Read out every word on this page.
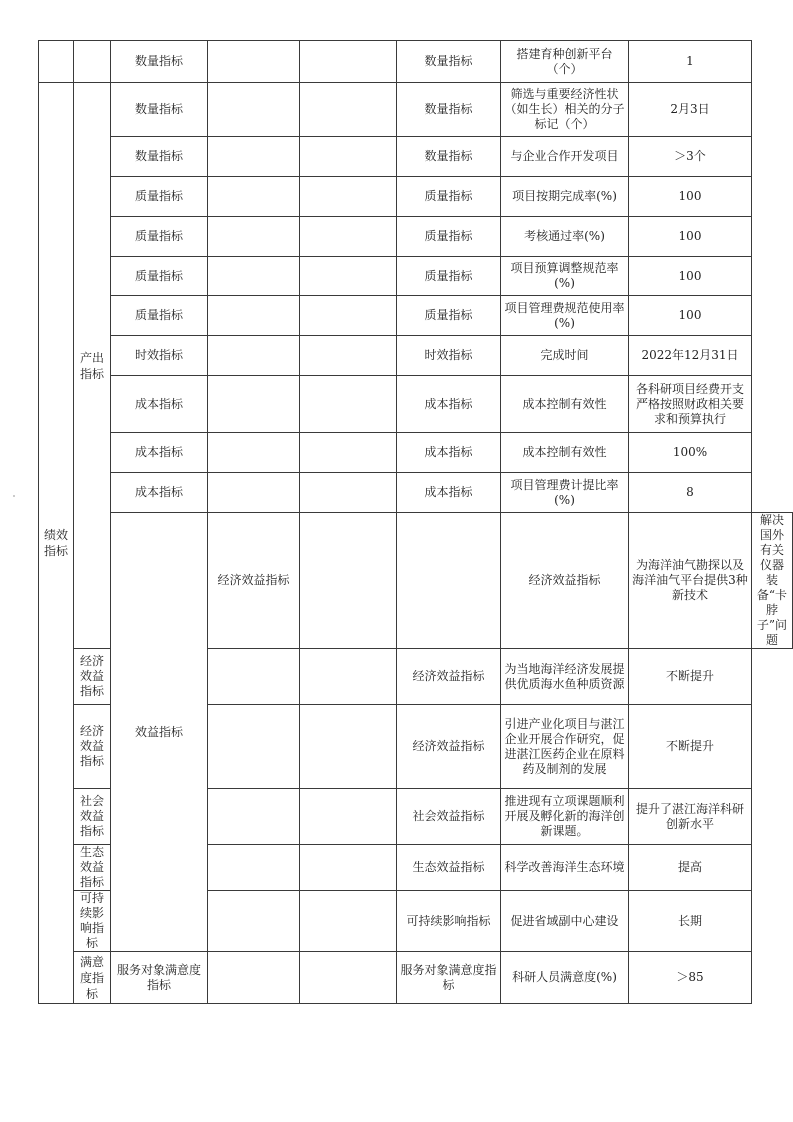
		数量指标			数量指标	搭建育种创新平台（个）	1	
绩效指标	产出指标	数量指标			数量指标	筛选与重要经济性状（如生长）相关的分子标记（个）	2月3日	
		数量指标			数量指标	与企业合作开发项目	＞3个	
		质量指标			质量指标	项目按期完成率(%)	100	
		质量指标			质量指标	考核通过率(%)	100	
		质量指标			质量指标	项目预算调整规范率(%)	100	
		质量指标			质量指标	项目管理费规范使用率(%)	100	
		时效指标			时效指标	完成时间	2022年12月31日	
		成本指标			成本指标	成本控制有效性	各科研项目经费开支严格按照财政相关要求和预算执行	
		成本指标			成本指标	成本控制有效性	100%	
		成本指标			成本指标	项目管理费计提比率(%)	8	
		效益指标	经济效益指标			经济效益指标	为海洋油气勘探以及海洋油气平台提供3种新技术	解决国外有关仪器装备“卡脖子”问题
	经济效益指标				经济效益指标	为当地海洋经济发展提供优质海水鱼种质资源	不断提升	
	经济效益指标				经济效益指标	引进产业化项目与湛江企业开展合作研究，促进湛江医药企业在原料药及制剂的发展	不断提升	
	社会效益指标				社会效益指标	推进现有立项课题顺利开展及孵化新的海洋创新课题。	提升了湛江海洋科研创新水平	
	生态效益指标				生态效益指标	科学改善海洋生态环境	提高	
	可持续影响指标				可持续影响指标	促进省域副中心建设	长期	
	满意度指标	服务对象满意度指标			服务对象满意度指标	科研人员满意度(%)	＞85	
